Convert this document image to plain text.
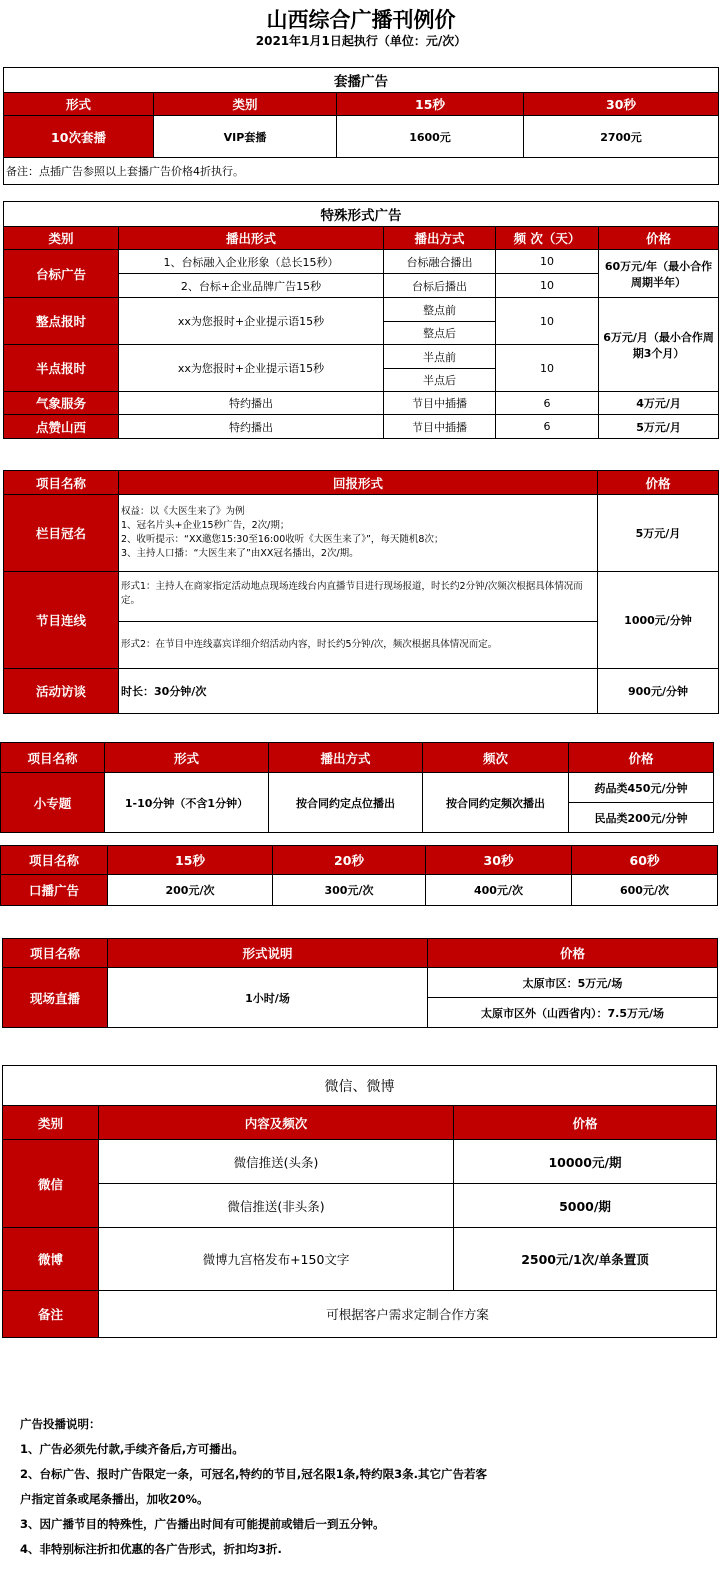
山西综合广播刊例价
2021年1月1日起执行（单位：元/次）
套播广告			
形式	类别	15秒	30秒
10次套播	VIP套播	1600元	2700元
备注：点插广告参照以上套播广告价格4折执行。			
特殊形式广告				
类别	播出形式	播出方式	频 次（天）	价格
台标广告	1、台标融入企业形象（总长15秒）	台标融合播出	10	60万元/年（最小合作周期半年）
	2、台标+企业品牌广告15秒	台标后播出	10	
整点报时	xx为您报时+企业提示语15秒	整点前	10	6万元/月（最小合作周期3个月）
		整点后		
半点报时	xx为您报时+企业提示语15秒	半点前	10	
		半点后		
气象服务	特约播出	节目中插播	6	4万元/月
点赞山西	特约播出	节目中插播	6	5万元/月
项目名称	回报形式	价格
栏目冠名	权益：以《大医生来了》为例
1、冠名片头+企业15秒广告，2次/期；
2、收听提示：“XX邀您15:30至16:00收听《大医生来了》”，每天随机8次；
3、主持人口播：“大医生来了”由XX冠名播出，2次/期。	5万元/月
节目连线	形式1：主持人在商家指定活动地点现场连线台内直播节目进行现场报道，时长约2分钟/次频次根据具体情况而定。
形式2：在节目中连线嘉宾详细介绍活动内容，时长约5分钟/次，频次根据具体情况而定。	1000元/分钟
活动访谈	时长：30分钟/次	900元/分钟
项目名称	形式	播出方式	频次	价格
小专题	1-10分钟（不含1分钟）	按合同约定点位播出	按合同约定频次播出	药品类450元/分钟
				民品类200元/分钟
项目名称	15秒	20秒	30秒	60秒
口播广告	200元/次	300元/次	400元/次	600元/次
项目名称	形式说明	价格
现场直播	1小时/场	太原市区：5万元/场
		太原市区外（山西省内）：7.5万元/场
微信、微博		
类别	内容及频次	价格
微信	微信推送(头条)	10000元/期
	微信推送(非头条)	5000/期
微博	微博九宫格发布+150文字	2500元/1次/单条置顶
备注	可根据客户需求定制合作方案	
广告投播说明：
1、广告必须先付款,手续齐备后,方可播出。
2、台标广告、报时广告限定一条，可冠名,特约的节目,冠名限1条,特约限3条.其它广告若客
户指定首条或尾条播出，加收20%。
3、因广播节目的特殊性，广告播出时间有可能提前或错后一到五分钟。
4、非特别标注折扣优惠的各广告形式，折扣均3折.
